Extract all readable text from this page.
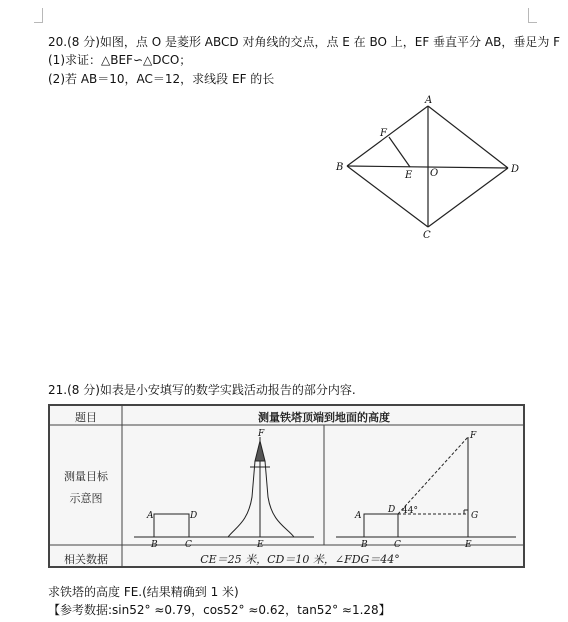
20.(8 分)如图，点 O 是菱形 ABCD 对角线的交点，点 E 在 BO 上，EF 垂直平分 AB，垂足为 F
(1)求证：△BEF∽△DCO；
(2)若 AB＝10，AC＝12，求线段 EF 的长
A
B
C
D
E
F
O
21.(8 分)如表是小安填写的数学实践活动报告的部分内容.
题目	测量铁塔顶端到地面的高度
测量目标
示意图
相关数据	CE＝25 米，CD＝10 米，∠FDG＝44°
F
A	D
B	C	E
F
G
A
D 44°
B	C	E
求铁塔的高度 FE.(结果精确到 1 米)
【参考数据:sin52° ≈0.79，cos52° ≈0.62，tan52° ≈1.28】
